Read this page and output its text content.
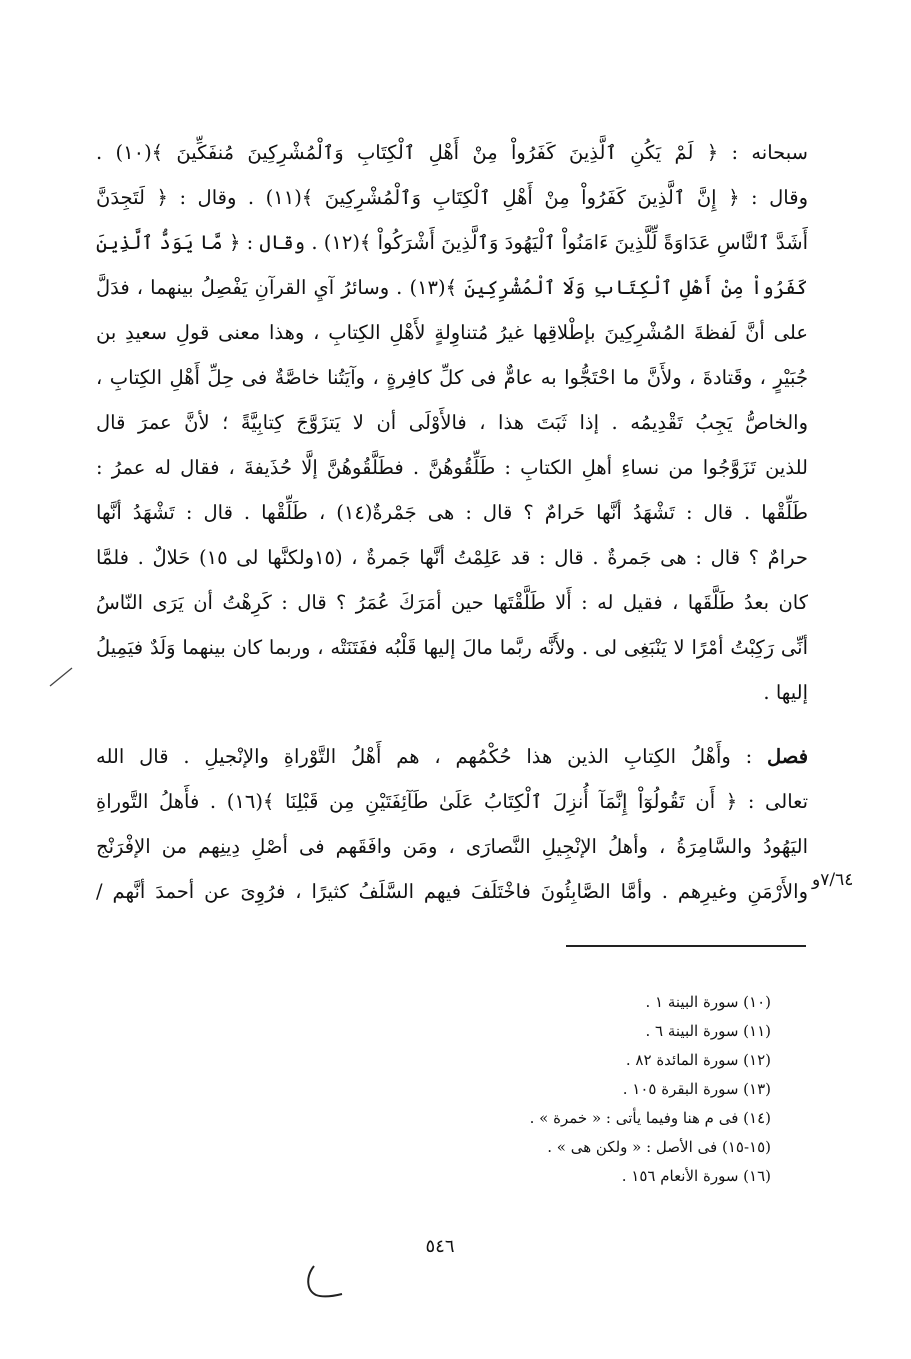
سبحانه : ﴿ لَمْ يَكُنِ ٱلَّذِينَ كَفَرُواْ مِنْ أَهْلِ ٱلْكِتَابِ وَٱلْمُشْرِكِينَ مُنفَكِّينَ ﴾(١٠) .
وقال : ﴿ إِنَّ ٱلَّذِينَ كَفَرُواْ مِنْ أَهْلِ ٱلْكِتَابِ وَٱلْمُشْرِكِينَ ﴾(١١) . وقال : ﴿ لَتَجِدَنَّ
أَشَدَّ ٱلنَّاسِ عَدَاوَةً لِّلَّذِينَ ءَامَنُواْ ٱلْيَهُودَ وَٱلَّذِينَ أَشْرَكُواْ ﴾(١٢) . وقال : ﴿ مَّا يَوَدُّ ٱلَّذِينَ
كَفَرُواْ مِنْ أَهْلِ ٱلْكِتَابِ وَلَا ٱلْمُشْرِكِينَ ﴾(١٣) . وسائرُ آيِ القرآنِ يَفْصِلُ بينهما ، فدَلَّ
على أنَّ لَفظةَ المُشْرِكِينَ بإطْلاقِها غيرُ مُتناوِلةٍ لأَهْلِ الكِتابِ ، وهذا معنى قولِ سعيدِ بن
جُبَيْرٍ ، وقَتادةَ ، ولأَنَّ ما احْتَجُّوا به عامٌّ فى كلِّ كافِرةٍ ، وآيَتُنا خاصَّةٌ فى حِلِّ أَهْلِ الكِتابِ ،
والخاصُّ يَجِبُ تَقْدِيمُه . إذا ثَبَتَ هذا ، فالأَوْلَى أن لا يَتزَوَّجَ كِتابِيَّةً ؛ لأنَّ عمرَ قال
للذين تَزَوَّجُوا من نساءِ أهلِ الكتابِ : طَلِّقُوهُنَّ . فطَلَّقُوهُنَّ إلَّا حُذَيفةَ ، فقال له عمرُ :
طَلِّقْها . قال : تَشْهَدُ أنَّها حَرامٌ ؟ قال : هى جَمْرةٌ(١٤) ، طَلِّقْها . قال : تَشْهَدُ أنَّها
حرامٌ ؟ قال : هى جَمرةٌ . قال : قد عَلِمْتُ أنَّها جَمرةٌ ، (١٥ولكنَّها لى ١٥) حَلالٌ . فلمَّا
كان بعدُ طَلَّقَها ، فقيل له : أَلا طَلَّقْتَها حين أمَرَكَ عُمَرُ ؟ قال : كَرِهْتُ أن يَرَى النّاسُ
أنِّى رَكِبْتُ أمْرًا لا يَنْبَغِى لى . ولأَنَّه ربَّما مالَ إليها قَلْبُه ففَتَنَتْه ، وربما كان بينهما وَلَدٌ فيَمِيلُ
إليها .
فصل : وأَهْلُ الكِتابِ الذين هذا حُكْمُهم ، هم أَهْلُ التَّوْراةِ والإنْجيلِ . قال الله
تعالى : ﴿ أَن تَقُولُوٓاْ إِنَّمَآ أُنزِلَ ٱلْكِتَابُ عَلَىٰ طَآئِفَتَيْنِ مِن قَبْلِنَا ﴾(١٦) . فأَهلُ التَّوراةِ
اليَهُودُ والسَّامِرَةُ ، وأهلُ الإنْجِيلِ النَّصارَى ، ومَن وافَقَهم فى أصْلِ دِينِهم من الإفْرَنْج
والأَرْمَنِ وغيرِهم . وأمَّا الصَّابِئُونَ فاخْتَلَفَ فيهم السَّلَفُ كثيرًا ، فرُوِىَ عن أحمدَ أنَّهم / ٧/٦٤و
(١٠) سورة البينة ١ .
(١١) سورة البينة ٦ .
(١٢) سورة المائدة ٨٢ .
(١٣) سورة البقرة ١٠٥ .
(١٤) فى م هنا وفيما يأتى : « خمرة » .
(١٥-١٥) فى الأصل : « ولكن هى » .
(١٦) سورة الأنعام ١٥٦ .
٥٤٦
